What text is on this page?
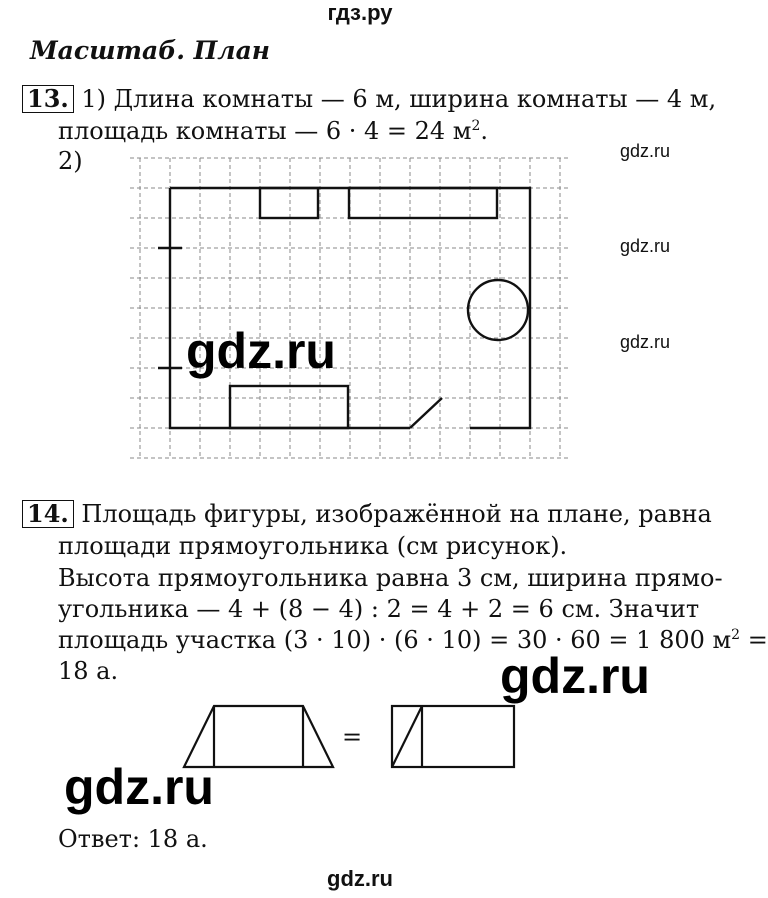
гдз.ру
Масштаб. План
13. 1) Длина комнаты — 6 м, ширина комнаты — 4 м,
площадь комнаты — 6 · 4 = 24 $м^2$.
2)	gdz.ru
gdz.ru
gdz.ru
gdz.ru
14. Площадь фигуры, изображённой на плане, равна
площади прямоугольника (см рисунок).
Высота прямоугольника равна 3 см, ширина прямо-
угольника — 4 + (8 − 4) : 2 = 4 + 2 = 6 см. Значит
площадь участка (3 · 10) · (6 · 10) = 30 · 60 = 1 800 $м^2$ =
18 а.	gdz.ru
=
gdz.ru
Ответ: 18 а.
gdz.ru
